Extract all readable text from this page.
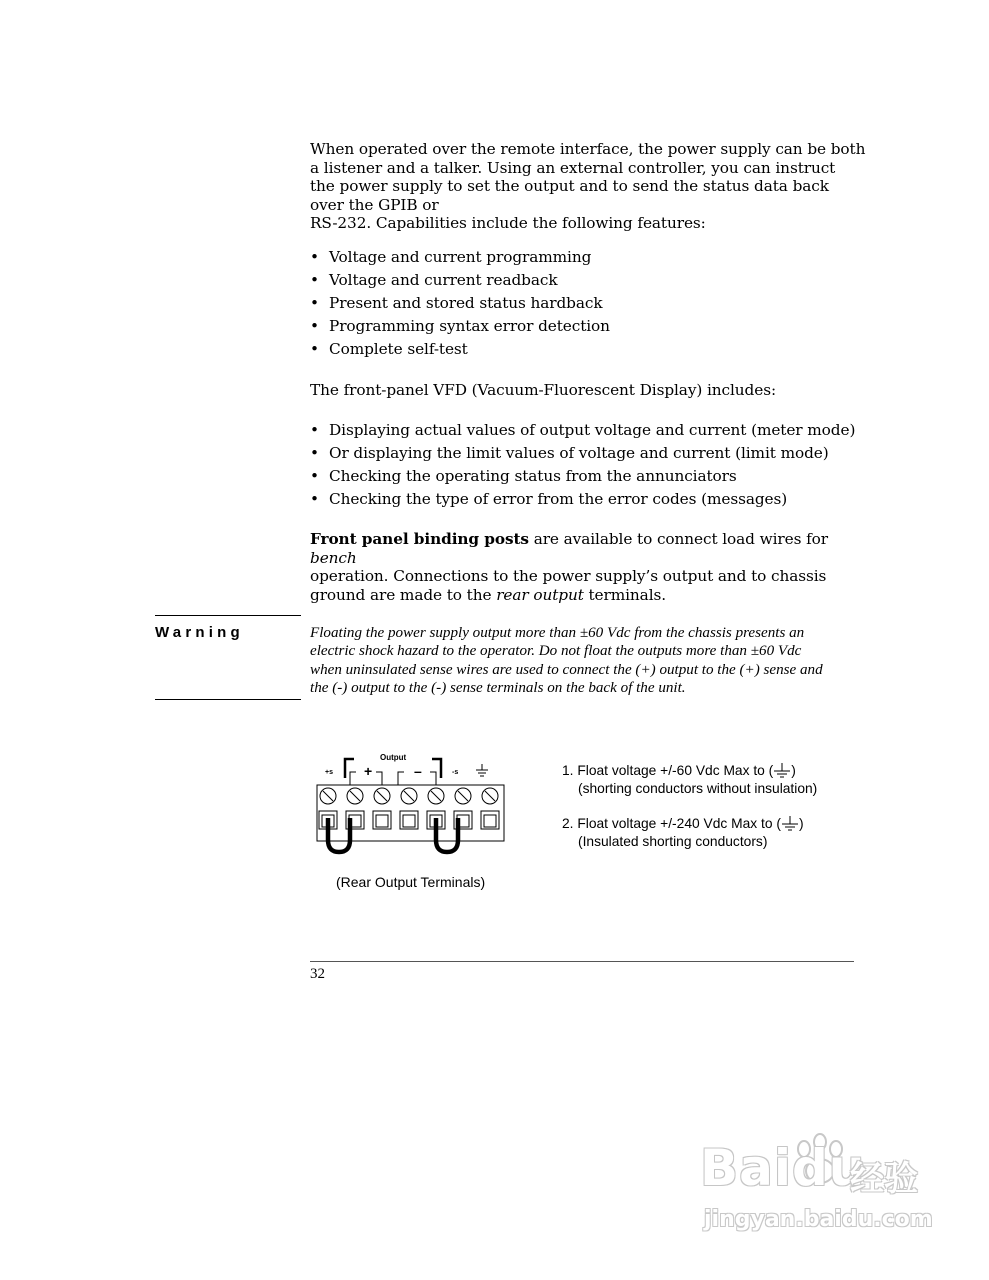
When operated over the remote interface, the power supply can be both
a listener and a talker. Using an external controller, you can instruct
the power supply to set the output and to send the status data back
over the GPIB or
RS-232. Capabilities include the following features:

• Voltage and current programming
• Voltage and current readback
• Present and stored status hardback
• Programming syntax error detection
• Complete self-test

The front-panel VFD (Vacuum-Fluorescent Display) includes:

• Displaying actual values of output voltage and current (meter mode)
• Or displaying the limit values of voltage and current (limit mode)
• Checking the operating status from the annunciators
• Checking the type of error from the error codes (messages)

Front panel binding posts are available to connect load wires for bench
operation. Connections to the power supply’s output and to chassis
ground are made to the rear output terminals.

Warning	Floating the power supply output more than ±60 Vdc from the chassis presents an
electric shock hazard to the operator. Do not float the outputs more than ±60 Vdc
when uninsulated sense wires are used to connect the (+) output to the (+) sense and
the (-) output to the (-) sense terminals on the back of the unit.

Output
+s +	–	-s
(Rear Output Terminals)
1. Float voltage +/-60 Vdc Max to ( )
(shorting conductors without insulation)
2. Float voltage +/-240 Vdc Max to ( )
(Insulated shorting conductors)
32
Baidu
经验
jingyan.baidu.com
